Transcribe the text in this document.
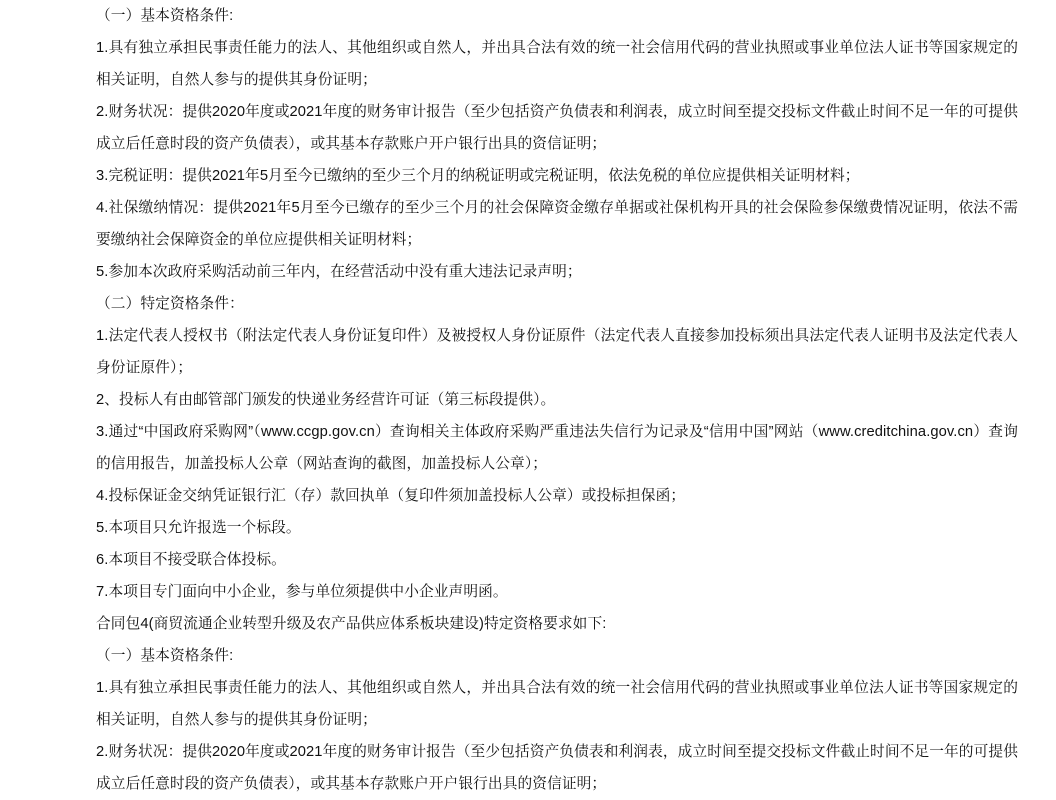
（一）基本资格条件:

1.具有独立承担民事责任能力的法人、其他组织或自然人，并出具合法有效的统一社会信用代码的营业执照或事业单位法人证书等国家规定的相关证明，自然人参与的提供其身份证明；

2.财务状况：提供2020年度或2021年度的财务审计报告（至少包括资产负债表和利润表，成立时间至提交投标文件截止时间不足一年的可提供成立后任意时段的资产负债表），或其基本存款账户开户银行出具的资信证明；

3.完税证明：提供2021年5月至今已缴纳的至少三个月的纳税证明或完税证明，依法免税的单位应提供相关证明材料；

4.社保缴纳情况：提供2021年5月至今已缴存的至少三个月的社会保障资金缴存单据或社保机构开具的社会保险参保缴费情况证明，依法不需要缴纳社会保障资金的单位应提供相关证明材料；

5.参加本次政府采购活动前三年内，在经营活动中没有重大违法记录声明；

（二）特定资格条件：

1.法定代表人授权书（附法定代表人身份证复印件）及被授权人身份证原件（法定代表人直接参加投标须出具法定代表人证明书及法定代表人身份证原件）；

2、投标人有由邮管部门颁发的快递业务经营许可证（第三标段提供）。

3.通过“中国政府采购网”（www.ccgp.gov.cn）查询相关主体政府采购严重违法失信行为记录及“信用中国”网站（www.creditchina.gov.cn）查询的信用报告，加盖投标人公章（网站查询的截图，加盖投标人公章）；

4.投标保证金交纳凭证银行汇（存）款回执单（复印件须加盖投标人公章）或投标担保函；

5.本项目只允许报选一个标段。

6.本项目不接受联合体投标。

7.本项目专门面向中小企业，参与单位须提供中小企业声明函。

合同包4(商贸流通企业转型升级及农产品供应体系板块建设)特定资格要求如下:

（一）基本资格条件:

1.具有独立承担民事责任能力的法人、其他组织或自然人，并出具合法有效的统一社会信用代码的营业执照或事业单位法人证书等国家规定的相关证明，自然人参与的提供其身份证明；

2.财务状况：提供2020年度或2021年度的财务审计报告（至少包括资产负债表和利润表，成立时间至提交投标文件截止时间不足一年的可提供成立后任意时段的资产负债表），或其基本存款账户开户银行出具的资信证明；
